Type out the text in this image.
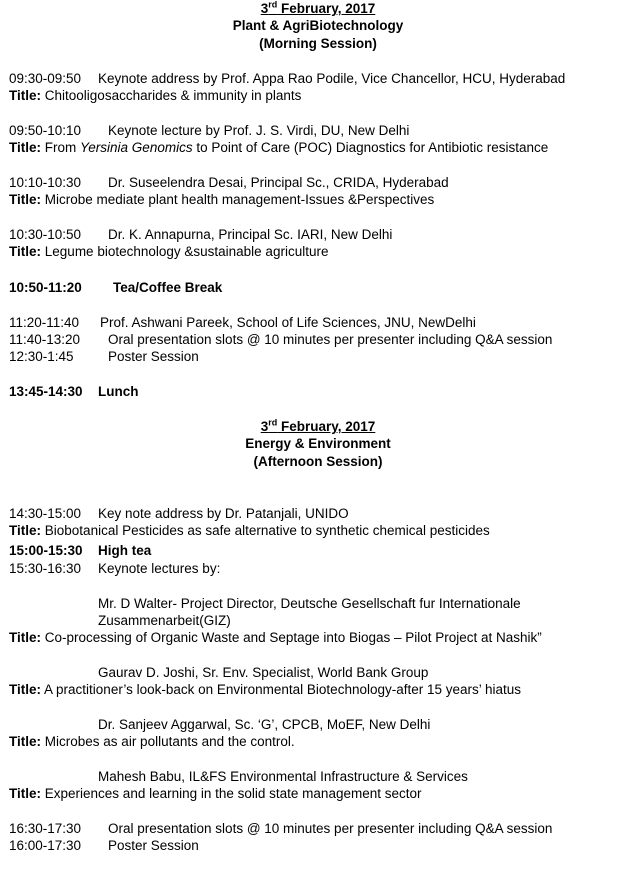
3rd February, 2017
Plant & AgriBiotechnology
(Morning Session)
09:30-09:50 Keynote address by Prof. Appa Rao Podile, Vice Chancellor, HCU, Hyderabad
Title: Chitooligosaccharides & immunity in plants
09:50-10:10 Keynote lecture by Prof. J. S. Virdi, DU, New Delhi
Title: From Yersinia Genomics to Point of Care (POC) Diagnostics for Antibiotic resistance
10:10-10:30 Dr. Suseelendra Desai, Principal Sc., CRIDA, Hyderabad
Title: Microbe mediate plant health management-Issues &Perspectives
10:30-10:50 Dr. K. Annapurna, Principal Sc. IARI, New Delhi
Title: Legume biotechnology &sustainable agriculture
10:50-11:20 Tea/Coffee Break
11:20-11:40 Prof. Ashwani Pareek, School of Life Sciences, JNU, NewDelhi
11:40-13:20 Oral presentation slots @ 10 minutes per presenter including Q&A session
12:30-1:45	Poster Session
13:45-14:30 Lunch
3rd February, 2017
Energy & Environment
(Afternoon Session)
14:30-15:00 Key note address by Dr. Patanjali, UNIDO
Title: Biobotanical Pesticides as safe alternative to synthetic chemical pesticides
15:00-15:30 High tea
15:30-16:30 Keynote lectures by:
Mr. D Walter- Project Director, Deutsche Gesellschaft fur Internationale
Zusammenarbeit(GIZ)
Title: Co-processing of Organic Waste and Septage into Biogas – Pilot Project at Nashik”
Gaurav D. Joshi, Sr. Env. Specialist, World Bank Group
Title: A practitioner’s look-back on Environmental Biotechnology-after 15 years’ hiatus
Dr. Sanjeev Aggarwal, Sc. ‘G’, CPCB, MoEF, New Delhi
Title: Microbes as air pollutants and the control.
Mahesh Babu, IL&FS Environmental Infrastructure & Services
Title: Experiences and learning in the solid state management sector
16:30-17:30 Oral presentation slots @ 10 minutes per presenter including Q&A session
16:00-17:30 Poster Session
